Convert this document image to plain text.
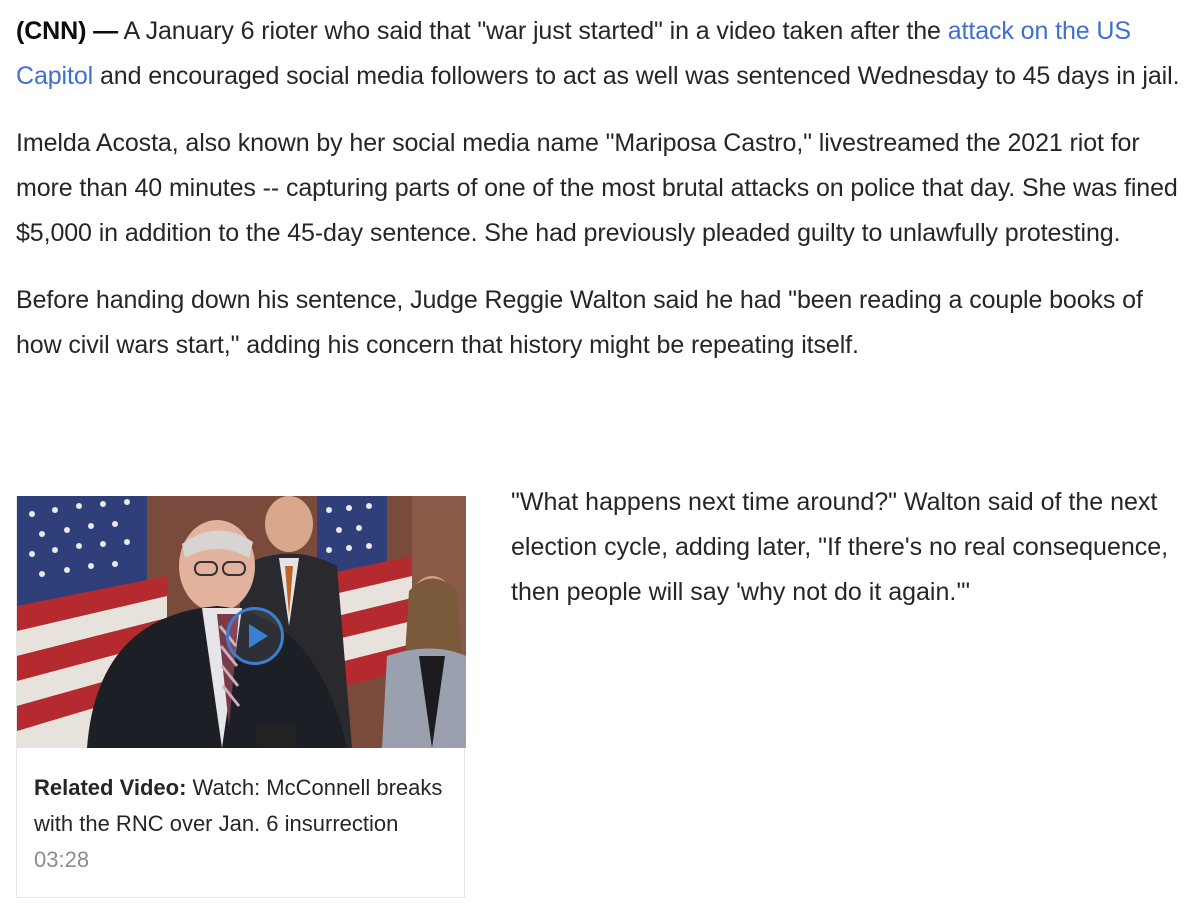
(CNN) — A January 6 rioter who said that "war just started" in a video taken after the attack on the US Capitol and encouraged social media followers to act as well was sentenced Wednesday to 45 days in jail.

Imelda Acosta, also known by her social media name "Mariposa Castro," livestreamed the 2021 riot for more than 40 minutes -- capturing parts of one of the most brutal attacks on police that day. She was fined $5,000 in addition to the 45-day sentence. She had previously pleaded guilty to unlawfully protesting.

Before handing down his sentence, Judge Reggie Walton said he had "been reading a couple books of how civil wars start," adding his concern that history might be repeating itself.

Related Video: Watch: McConnell breaks with the RNC over Jan. 6 insurrection
03:28

"What happens next time around?" Walton said of the next election cycle, adding later, "If there's no real consequence, then people will say 'why not do it again.'"
